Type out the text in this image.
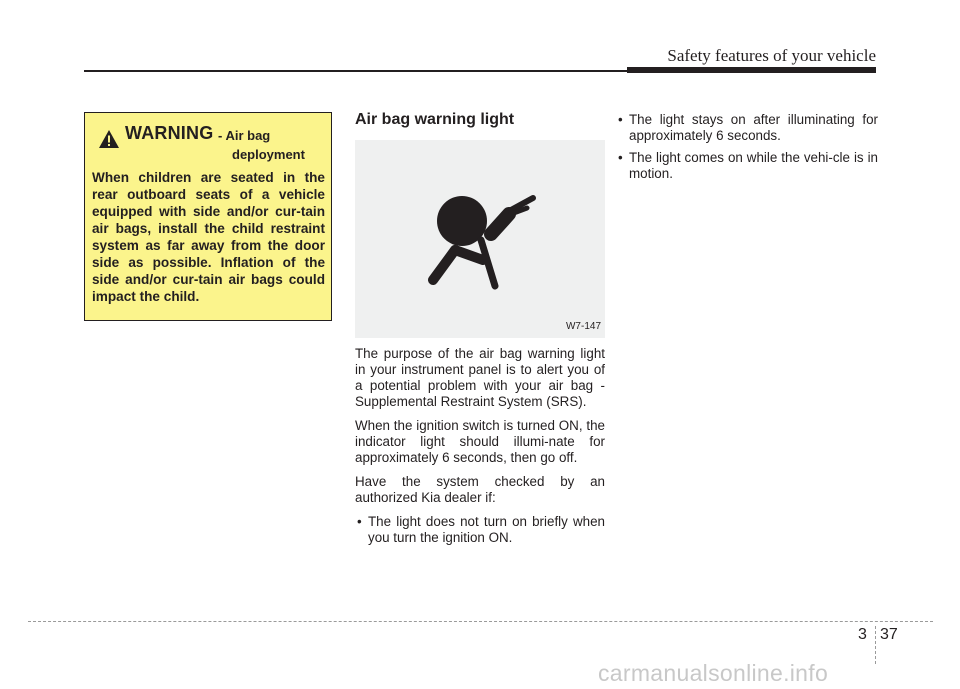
Safety features of your vehicle
WARNING - Air bag
deployment

When children are seated in the rear outboard seats of a vehicle equipped with side and/or cur-tain air bags, install the child restraint system as far away from the door side as possible. Inflation of the side and/or cur-tain air bags could impact the child.

Air bag warning light
W7-147

The purpose of the air bag warning light in your instrument panel is to alert you of a potential problem with your air bag - Supplemental Restraint System (SRS).

When the ignition switch is turned ON, the indicator light should illumi-nate for approximately 6 seconds, then go off.

Have the system checked by an authorized Kia dealer if:

• The light does not turn on briefly when you turn the ignition ON.
• The light stays on after illuminating for approximately 6 seconds.
• The light comes on while the vehi-cle is in motion.
3 37
carmanualsonline.info
